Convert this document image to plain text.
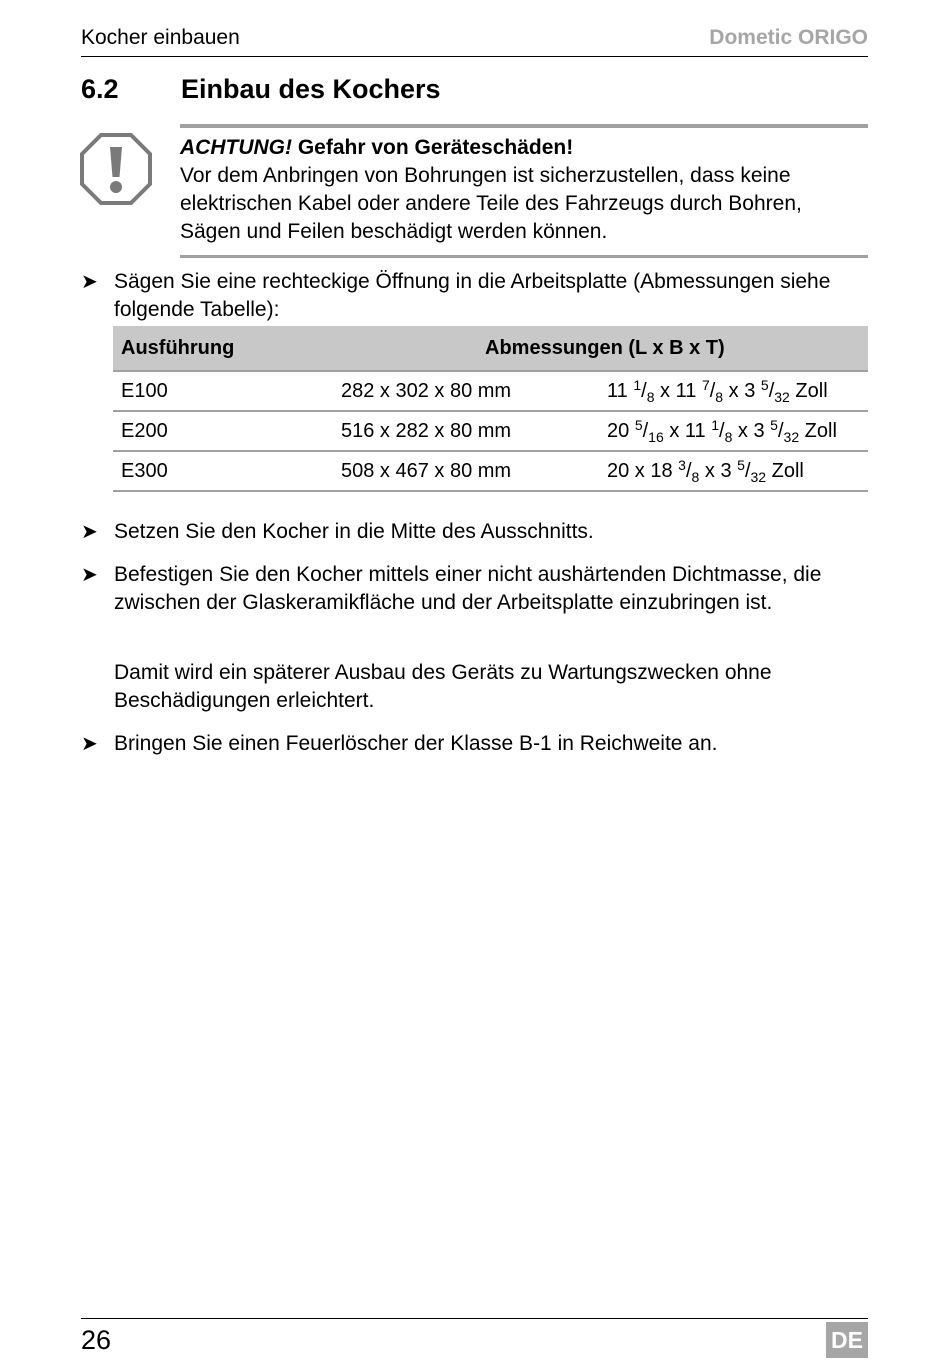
Kocher einbauen	Dometic ORIGO
6.2 Einbau des Kochers
ACHTUNG! Gefahr von Geräteschäden!
Vor dem Anbringen von Bohrungen ist sicherzustellen, dass keine elektrischen Kabel oder andere Teile des Fahrzeugs durch Bohren, Sägen und Feilen beschädigt werden können.
➤ Sägen Sie eine rechteckige Öffnung in die Arbeitsplatte (Abmessungen siehe folgende Tabelle):
Ausführung	Abmessungen (L x B x T)	
E100	282 x 302 x 80 mm	11 $^1/_8$ x 11 $^7/_8$ x 3 $^5/_{32}$ Zoll
E200	516 x 282 x 80 mm	20 $^5/_{16}$ x 11 $^1/_8$ x 3 $^5/_{32}$ Zoll
E300	508 x 467 x 80 mm	20 x 18 $^3/_8$ x 3 $^5/_{32}$ Zoll
➤ Setzen Sie den Kocher in die Mitte des Ausschnitts.
➤ Befestigen Sie den Kocher mittels einer nicht aushärtenden Dichtmasse, die zwischen der Glaskeramikfläche und der Arbeitsplatte einzubringen ist.
Damit wird ein späterer Ausbau des Geräts zu Wartungszwecken ohne Beschädigungen erleichtert.
➤ Bringen Sie einen Feuerlöscher der Klasse B-1 in Reichweite an.
26	DE
